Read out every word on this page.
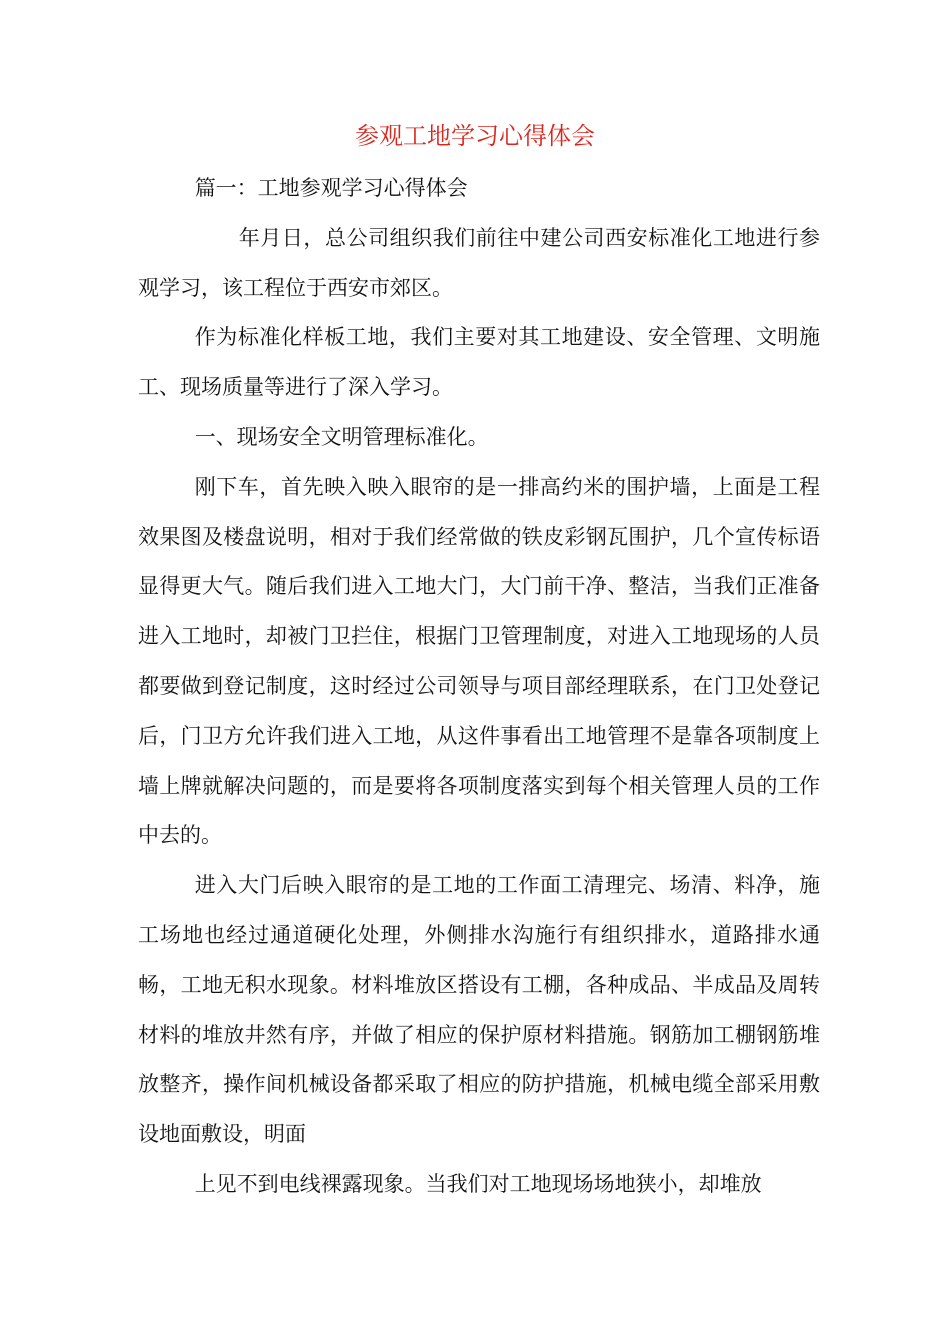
参观工地学习心得体会

篇一：工地参观学习心得体会

年月日，总公司组织我们前往中建公司西安标准化工地进行参观学习，该工程位于西安市郊区。

作为标准化样板工地，我们主要对其工地建设、安全管理、文明施工、现场质量等进行了深入学习。

一、现场安全文明管理标准化。

刚下车，首先映入映入眼帘的是一排高约米的围护墙，上面是工程效果图及楼盘说明，相对于我们经常做的铁皮彩钢瓦围护，几个宣传标语显得更大气。随后我们进入工地大门，大门前干净、整洁，当我们正准备进入工地时，却被门卫拦住，根据门卫管理制度，对进入工地现场的人员都要做到登记制度，这时经过公司领导与项目部经理联系，在门卫处登记后，门卫方允许我们进入工地，从这件事看出工地管理不是靠各项制度上墙上牌就解决问题的，而是要将各项制度落实到每个相关管理人员的工作中去的。

进入大门后映入眼帘的是工地的工作面工清理完、场清、料净，施工场地也经过通道硬化处理，外侧排水沟施行有组织排水，道路排水通畅，工地无积水现象。材料堆放区搭设有工棚，各种成品、半成品及周转材料的堆放井然有序，并做了相应的保护原材料措施。钢筋加工棚钢筋堆放整齐，操作间机械设备都采取了相应的防护措施，机械电缆全部采用敷设地面敷设，明面

上见不到电线裸露现象。当我们对工地现场场地狭小，却堆放
